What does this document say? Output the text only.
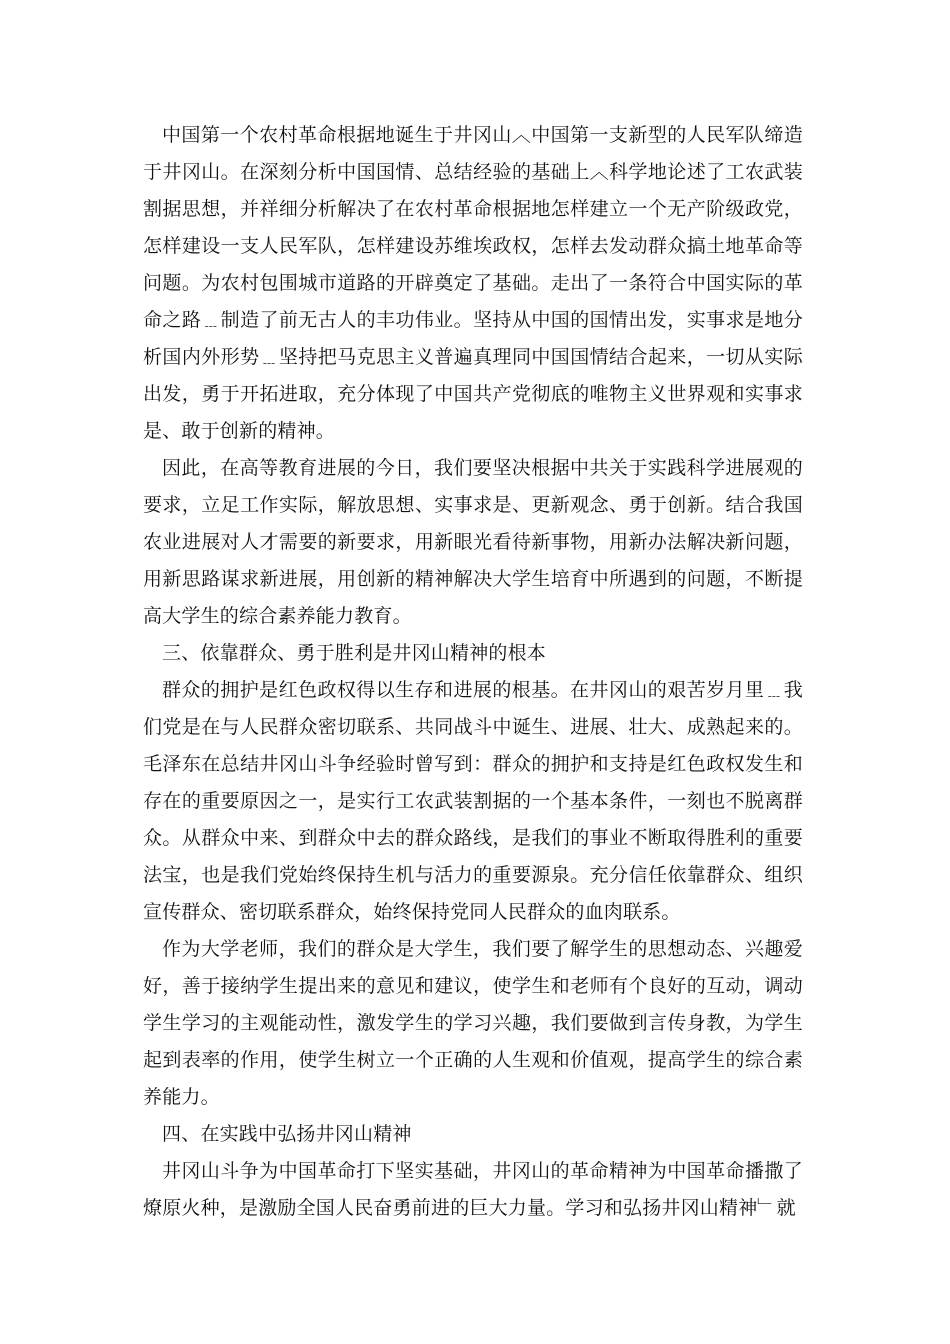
中国第一个农村革命根据地诞生于井冈山︿中国第一支新型的人民军队缔造于井冈山。在深刻分析中国国情、总结经验的基础上︿科学地论述了工农武装割据思想，并祥细分析解决了在农村革命根据地怎样建立一个无产阶级政党，怎样建设一支人民军队，怎样建设苏维埃政权，怎样去发动群众搞土地革命等问题。为农村包围城市道路的开辟奠定了基础。走出了一条符合中国实际的革命之路﹍制造了前无古人的丰功伟业。坚持从中国的国情出发，实事求是地分析国内外形势﹍坚持把马克思主义普遍真理同中国国情结合起来，一切从实际出发，勇于开拓进取，充分体现了中国共产党彻底的唯物主义世界观和实事求是、敢于创新的精神。

因此，在高等教育进展的今日，我们要坚决根据中共关于实践科学进展观的要求，立足工作实际，解放思想、实事求是、更新观念、勇于创新。结合我国农业进展对人才需要的新要求，用新眼光看待新事物，用新办法解决新问题，用新思路谋求新进展，用创新的精神解决大学生培育中所遇到的问题，不断提高大学生的综合素养能力教育。

三、依靠群众、勇于胜利是井冈山精神的根本

群众的拥护是红色政权得以生存和进展的根基。在井冈山的艰苦岁月里﹍我们党是在与人民群众密切联系、共同战斗中诞生、进展、壮大、成熟起来的。毛泽东在总结井冈山斗争经验时曾写到：群众的拥护和支持是红色政权发生和存在的重要原因之一，是实行工农武装割据的一个基本条件，一刻也不脱离群众。从群众中来、到群众中去的群众路线，是我们的事业不断取得胜利的重要法宝，也是我们党始终保持生机与活力的重要源泉。充分信任依靠群众、组织宣传群众、密切联系群众，始终保持党同人民群众的血肉联系。

作为大学老师，我们的群众是大学生，我们要了解学生的思想动态、兴趣爱好，善于接纳学生提出来的意见和建议，使学生和老师有个良好的互动，调动学生学习的主观能动性，激发学生的学习兴趣，我们要做到言传身教，为学生起到表率的作用，使学生树立一个正确的人生观和价值观，提高学生的综合素养能力。

四、在实践中弘扬井冈山精神

井冈山斗争为中国革命打下坚实基础，井冈山的革命精神为中国革命播撒了燎原火种，是激励全国人民奋勇前进的巨大力量。学习和弘扬井冈山精神﹂就
